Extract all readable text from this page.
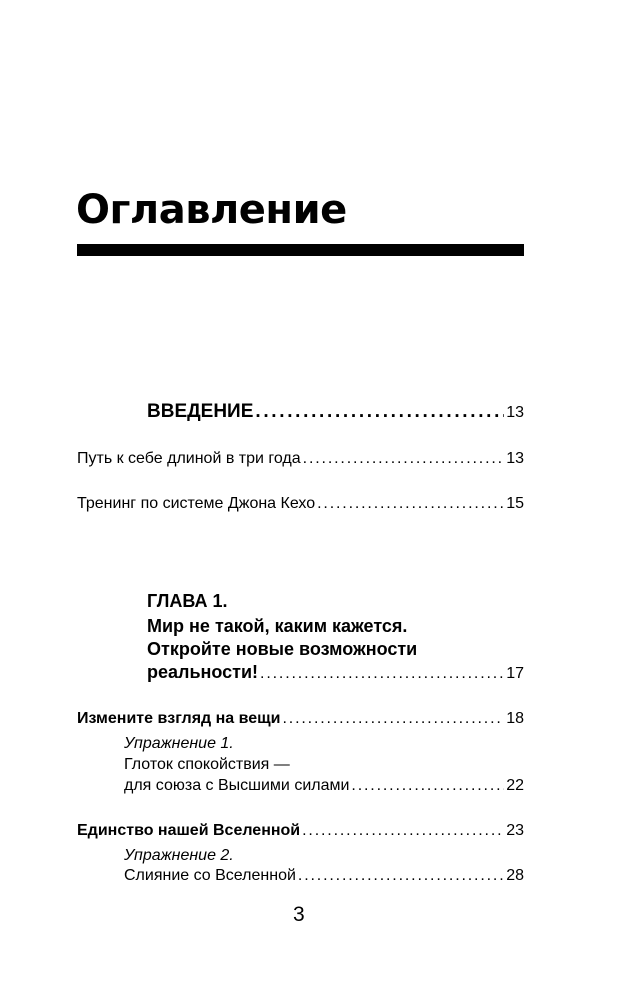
Оглавление
ВВЕДЕНИЕ . . .	13
Путь к себе длиной в три года . . .	13
Тренинг по системе Джона Кехо . . .	15
ГЛАВА 1.
Мир не такой, каким кажется.
Откройте новые возможности
реальности! . . .	17
Измените взгляд на вещи . . .	18
Упражнение 1.
Глоток спокойствия —
для союза с Высшими силами . . .	22
Единство нашей Вселенной . . .	23
Упражнение 2.
Слияние со Вселенной . . .	28
3
